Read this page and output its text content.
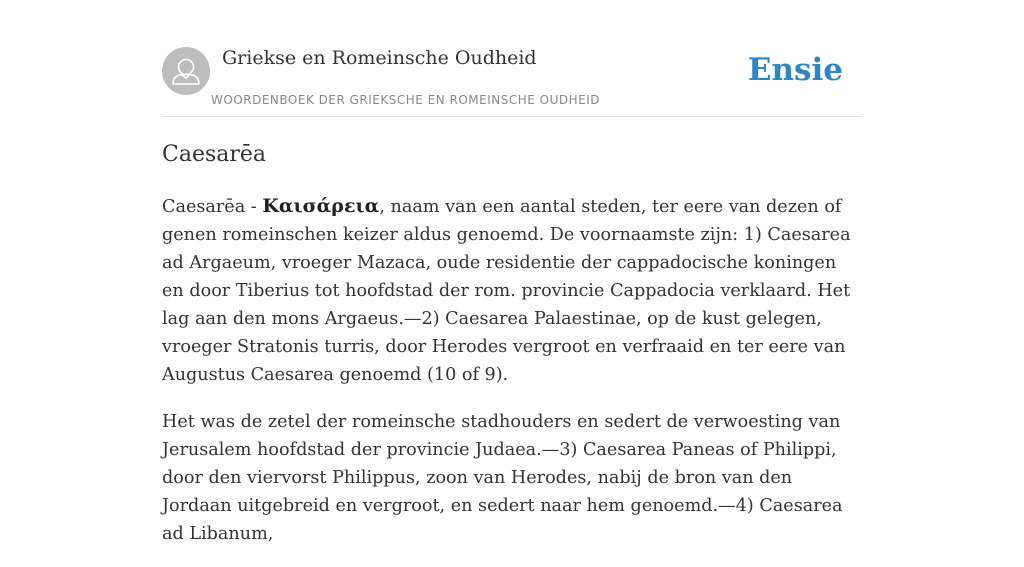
Griekse en Romeinsche Oudheid
WOORDENBOEK DER GRIEKSCHE EN ROMEINSCHE OUDHEID
Ensie
Caesarēa

Caesarēa - Καισάρεια, naam van een aantal steden, ter eere van dezen of genen romeinschen keizer aldus genoemd. De voornaamste zijn: 1) Caesarea ad Argaeum, vroeger Mazaca, oude residentie der cappadocische koningen en door Tiberius tot hoofdstad der rom. provincie Cappadocia verklaard. Het lag aan den mons Argaeus.—2) Caesarea Palaestinae, op de kust gelegen, vroeger Stratonis turris, door Herodes vergroot en verfraaid en ter eere van Augustus Caesarea genoemd (10 of 9).

Het was de zetel der romeinsche stadhouders en sedert de verwoesting van Jerusalem hoofdstad der provincie Judaea.—3) Caesarea Paneas of Philippi, door den viervorst Philippus, zoon van Herodes, nabij de bron van den Jordaan uitgebreid en vergroot, en sedert naar hem genoemd.—4) Caesarea ad Libanum,
